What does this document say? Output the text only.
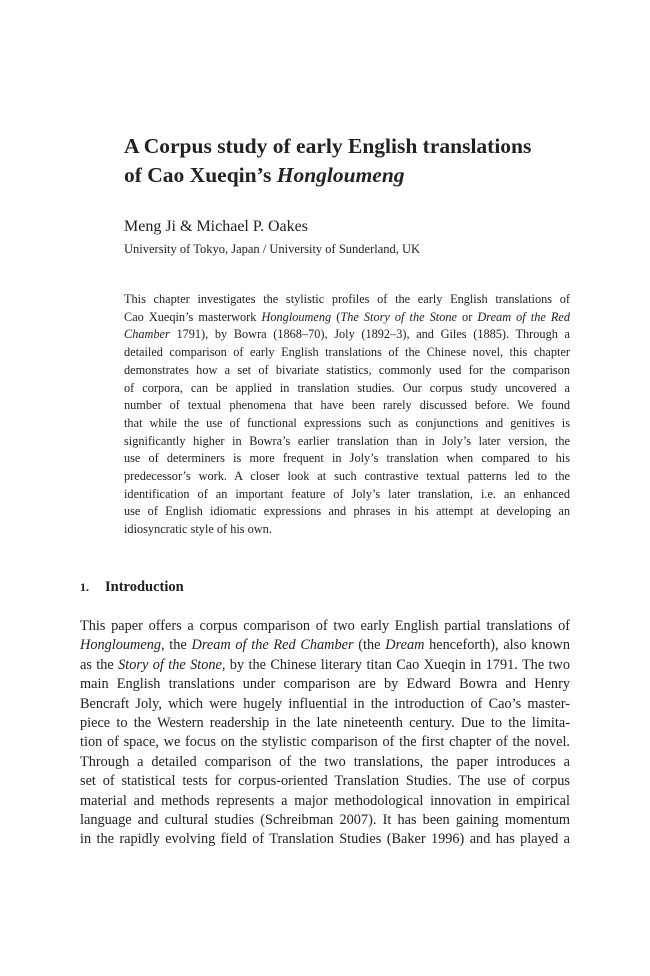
A Corpus study of early English translations
of Cao Xueqin’s Hongloumeng

Meng Ji & Michael P. Oakes

University of Tokyo, Japan / University of Sunderland, UK

This chapter investigates the stylistic profiles of the early English translations of
Cao Xueqin’s masterwork Hongloumeng (The Story of the Stone or Dream of the Red
Chamber 1791), by Bowra (1868–70), Joly (1892–3), and Giles (1885). Through a
detailed comparison of early English translations of the Chinese novel, this chapter
demonstrates how a set of bivariate statistics, commonly used for the comparison
of corpora, can be applied in translation studies. Our corpus study uncovered a
number of textual phenomena that have been rarely discussed before. We found
that while the use of functional expressions such as conjunctions and genitives is
significantly higher in Bowra’s earlier translation than in Joly’s later version, the
use of determiners is more frequent in Joly’s translation when compared to his
predecessor’s work. A closer look at such contrastive textual patterns led to the
identification of an important feature of Joly’s later translation, i.e. an enhanced
use of English idiomatic expressions and phrases in his attempt at developing an
idiosyncratic style of his own.
1. Introduction
This paper offers a corpus comparison of two early English partial translations of
Hongloumeng, the Dream of the Red Chamber (the Dream henceforth), also known
as the Story of the Stone, by the Chinese literary titan Cao Xueqin in 1791. The two
main English translations under comparison are by Edward Bowra and Henry
Bencraft Joly, which were hugely influential in the introduction of Cao’s master-
piece to the Western readership in the late nineteenth century. Due to the limita-
tion of space, we focus on the stylistic comparison of the first chapter of the novel.
Through a detailed comparison of the two translations, the paper introduces a
set of statistical tests for corpus-oriented Translation Studies. The use of corpus
material and methods represents a major methodological innovation in empirical
language and cultural studies (Schreibman 2007). It has been gaining momentum
in the rapidly evolving field of Translation Studies (Baker 1996) and has played a
